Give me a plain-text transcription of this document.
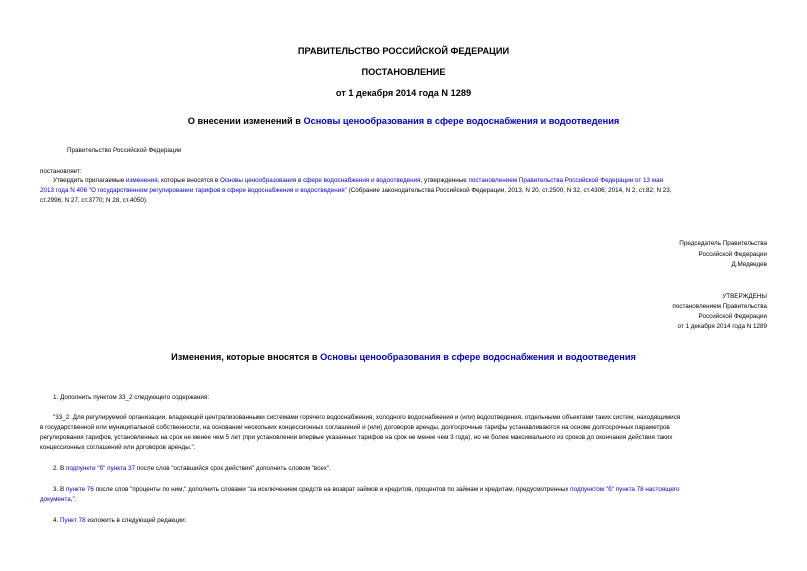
ПРАВИТЕЛЬСТВО РОССИЙСКОЙ ФЕДЕРАЦИИ
ПОСТАНОВЛЕНИЕ
от 1 декабря 2014 года N 1289
О внесении изменений в Основы ценообразования в сфере водоснабжения и водоотведения
Правительство Российской Федерации
постановляет:
Утвердить прилагаемые изменения, которые вносятся в Основы ценообразования в сфере водоснабжения и водоотведения, утвержденные постановлением Правительства Российской Федерации от 13 мая
2013 года N 406 "О государственном регулировании тарифов в сфере водоснабжения и водоотведения" (Собрание законодательства Российской Федерации, 2013, N 20, ст.2500; N 32, ст.4306; 2014, N 2, ст.82; N 23,
ст.2996; N 27, ст.3770; N 28, ст.4050).
Председатель Правительства
Российской Федерации
Д.Медведев
УТВЕРЖДЕНЫ
постановлением Правительства
Российской Федерации
от 1 декабря 2014 года N 1289
Изменения, которые вносятся в Основы ценообразования в сфере водоснабжения и водоотведения
1. Дополнить пунктом 33_2 следующего содержания:
"33_2. Для регулируемой организации, владеющей централизованными системами горячего водоснабжения, холодного водоснабжения и (или) водоотведения, отдельными объектами таких систем, находящимися
в государственной или муниципальной собственности, на основании нескольких концессионных соглашений и (или) договоров аренды, долгосрочные тарифы устанавливаются на основе долгосрочных параметров
регулирования тарифов, установленных на срок не менее чем 5 лет (при установлении впервые указанных тарифов на срок не менее чем 3 года), но не более максимального из сроков до окончания действия таких
концессионных соглашений или договоров аренды.".
2. В подпункте "б" пункта 37 после слов "оставшийся срок действия" дополнить словом "всех".
3. В пункте 76 после слов "проценты по ним," дополнить словами "за исключением средств на возврат займов и кредитов, процентов по займам и кредитам, предусмотренных подпунктом "б" пункта 78 настоящего
документа,".
4. Пункт 78 изложить в следующей редакции:
